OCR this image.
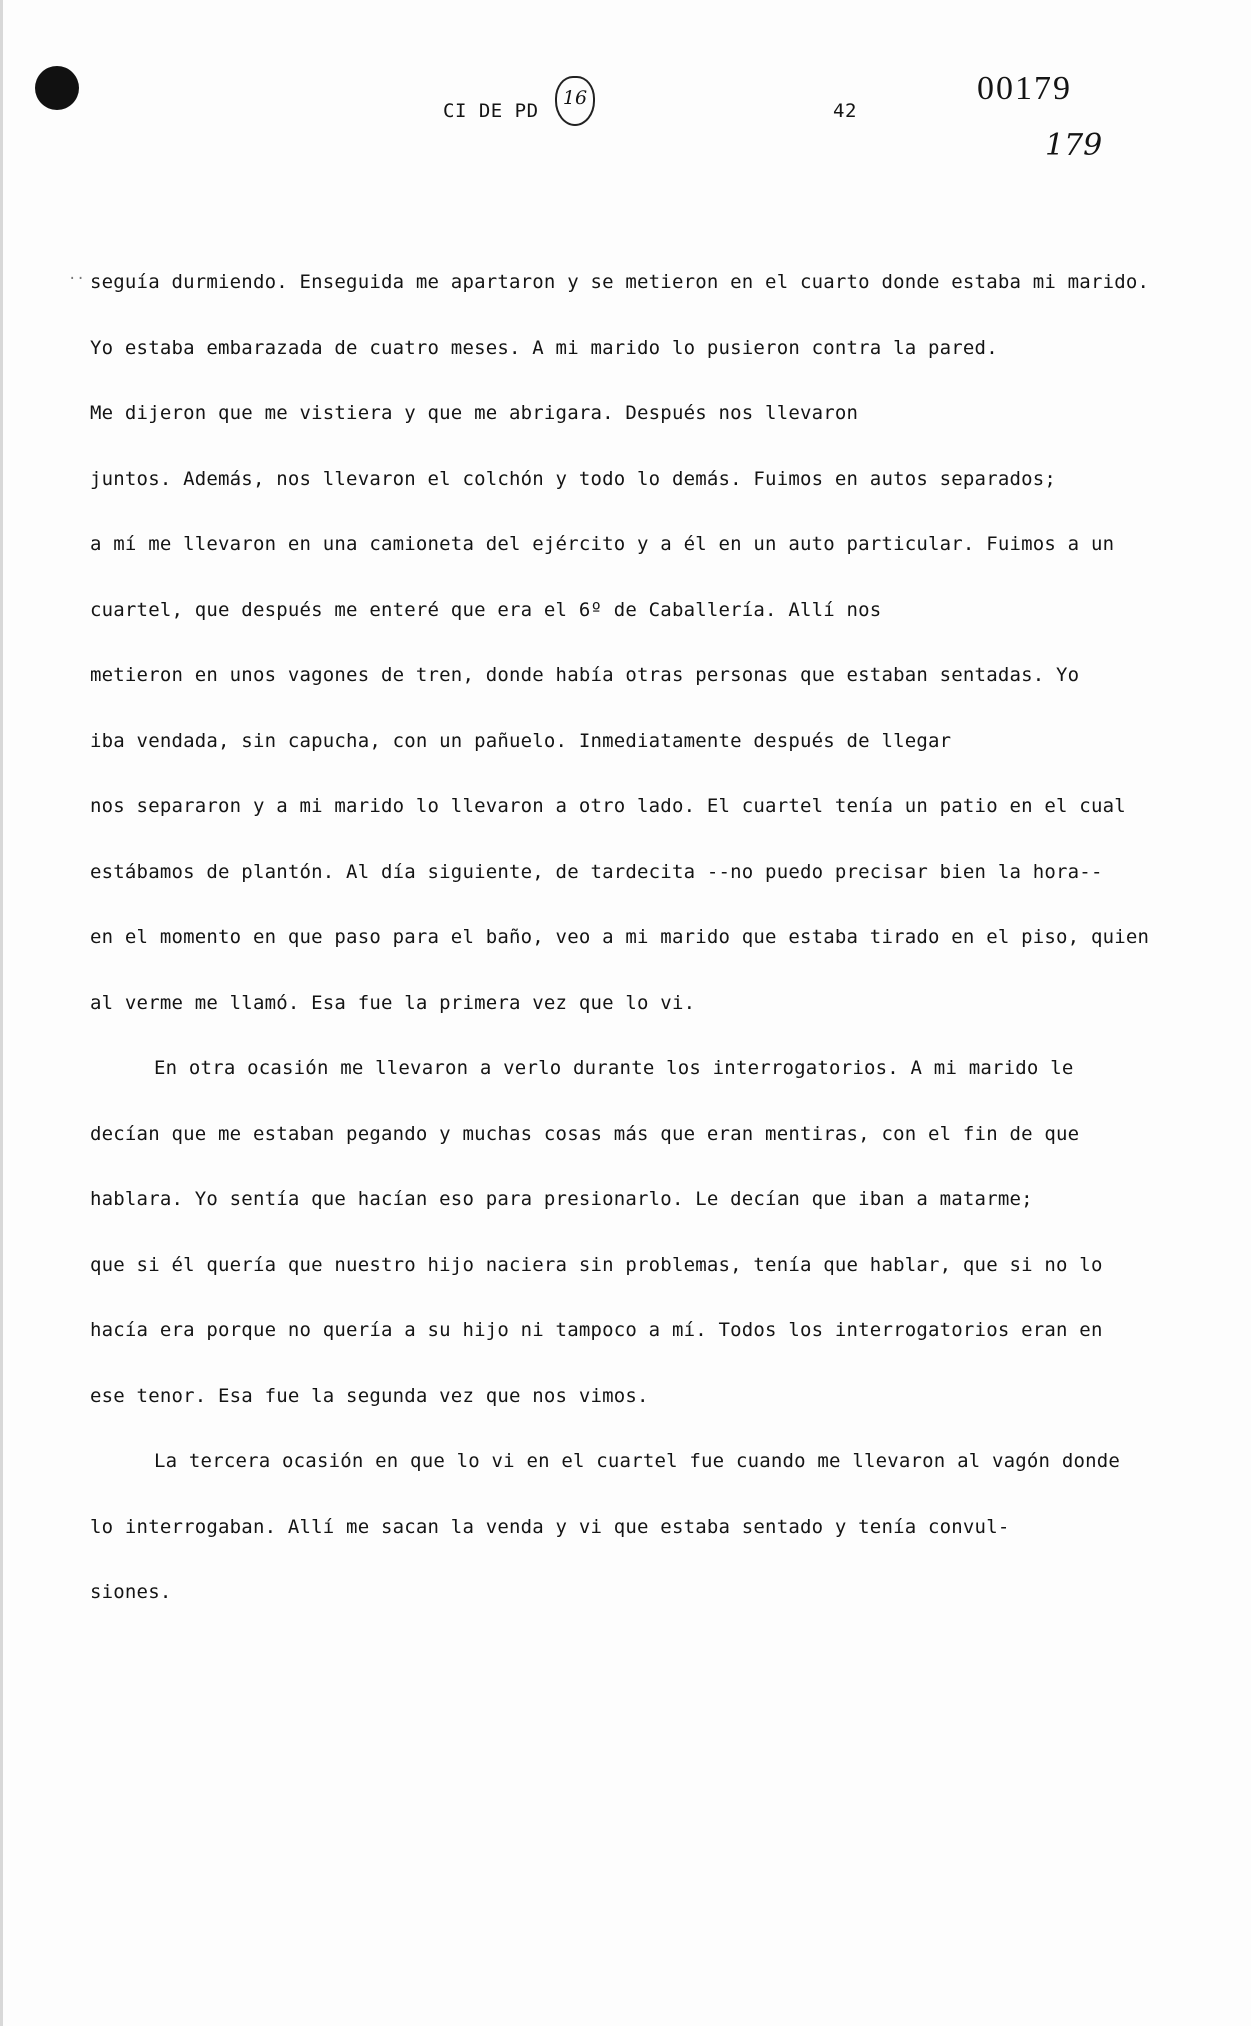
CI DE PD
16
42
00179
179
.. seguía durmiendo. Enseguida me apartaron y se metieron en el cuarto donde estaba mi marido.

Yo estaba embarazada de cuatro meses. A mi marido lo pusieron contra la pared.

Me dijeron que me vistiera y que me abrigara. Después nos llevaron

juntos. Además, nos llevaron el colchón y todo lo demás. Fuimos en autos separados;

a mí me llevaron en una camioneta del ejército y a él en un auto particular. Fuimos a un

cuartel, que después me enteré que era el 6º de Caballería. Allí nos

metieron en unos vagones de tren, donde había otras personas que estaban sentadas. Yo

iba vendada, sin capucha, con un pañuelo. Inmediatamente después de llegar

nos separaron y a mi marido lo llevaron a otro lado. El cuartel tenía un patio en el cual

estábamos de plantón. Al día siguiente, de tardecita --no puedo precisar bien la hora--

en el momento en que paso para el baño, veo a mi marido que estaba tirado en el piso, quien

al verme me llamó. Esa fue la primera vez que lo vi.

En otra ocasión me llevaron a verlo durante los interrogatorios. A mi marido le

decían que me estaban pegando y muchas cosas más que eran mentiras, con el fin de que

hablara. Yo sentía que hacían eso para presionarlo. Le decían que iban a matarme;

que si él quería que nuestro hijo naciera sin problemas, tenía que hablar, que si no lo

hacía era porque no quería a su hijo ni tampoco a mí. Todos los interrogatorios eran en

ese tenor. Esa fue la segunda vez que nos vimos.

La tercera ocasión en que lo vi en el cuartel fue cuando me llevaron al vagón donde

lo interrogaban. Allí me sacan la venda y vi que estaba sentado y tenía convul-

siones.
